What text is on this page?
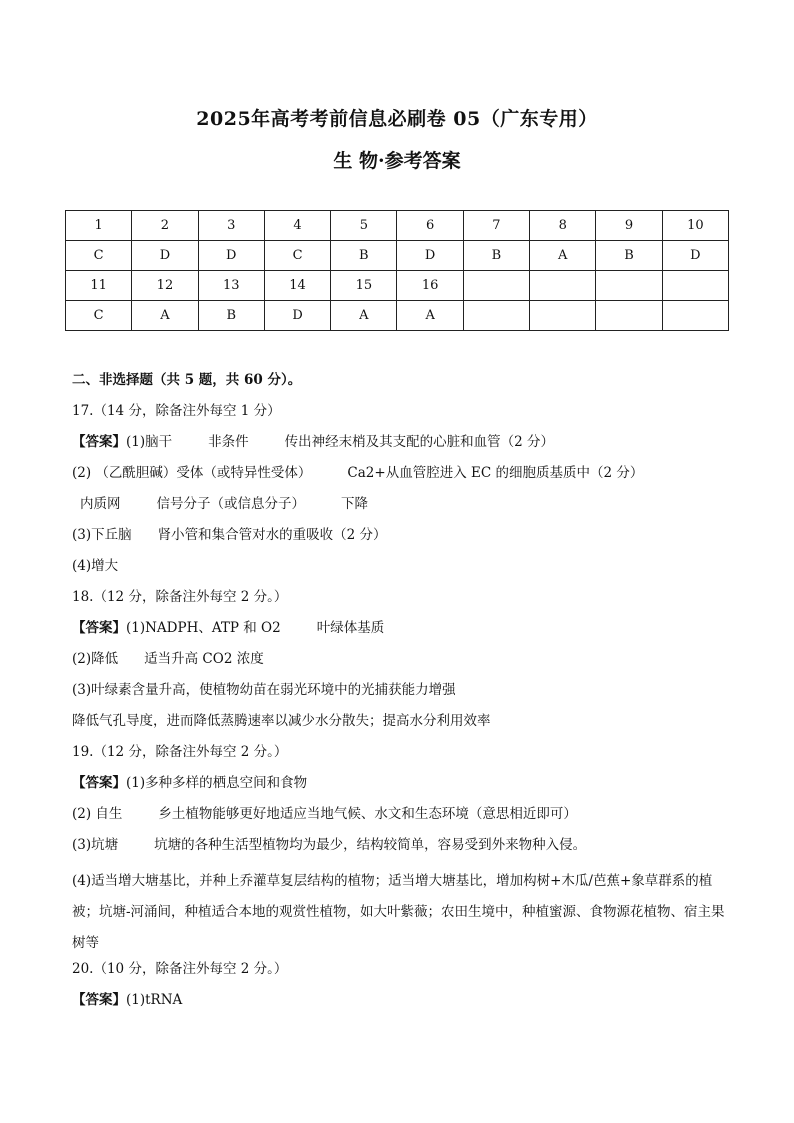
2025年高考考前信息必刷卷 05（广东专用）
生 物·参考答案
1	2	3	4	5	6	7	8	9	10
C	D	D	C	B	D	B	A	B	D
11	12	13	14	15	16				
C	A	B	D	A	A				
二、非选择题（共 5 题，共 60 分）。
17.（14 分，除备注外每空 1 分）
【答案】(1)脑干	非条件	传出神经末梢及其支配的心脏和血管（2 分）
(2) （乙酰胆碱）受体（或特异性受体）	Ca2+从血管腔进入 EC 的细胞质基质中（2 分）
内质网	信号分子（或信息分子）	下降
(3)下丘脑 肾小管和集合管对水的重吸收（2 分）
(4)增大
18.（12 分，除备注外每空 2 分。）
【答案】(1)NADPH、ATP 和 O2	叶绿体基质
(2)降低 适当升高 CO2 浓度
(3)叶绿素含量升高，使植物幼苗在弱光环境中的光捕获能力增强
降低气孔导度，进而降低蒸腾速率以减少水分散失；提高水分利用效率
19.（12 分，除备注外每空 2 分。）
【答案】(1)多种多样的栖息空间和食物
(2) 自生	乡土植物能够更好地适应当地气候、水文和生态环境（意思相近即可）
(3)坑塘	坑塘的各种生活型植物均为最少，结构较简单，容易受到外来物种入侵。
(4)适当增大塘基比，并种上乔灌草复层结构的植物；适当增大塘基比，增加构树+木瓜/芭蕉+象草群系的植被；坑塘-河涌间，种植适合本地的观赏性植物，如大叶紫薇；农田生境中，种植蜜源、食物源花植物、宿主果树等
20.（10 分，除备注外每空 2 分。）
【答案】(1)tRNA
